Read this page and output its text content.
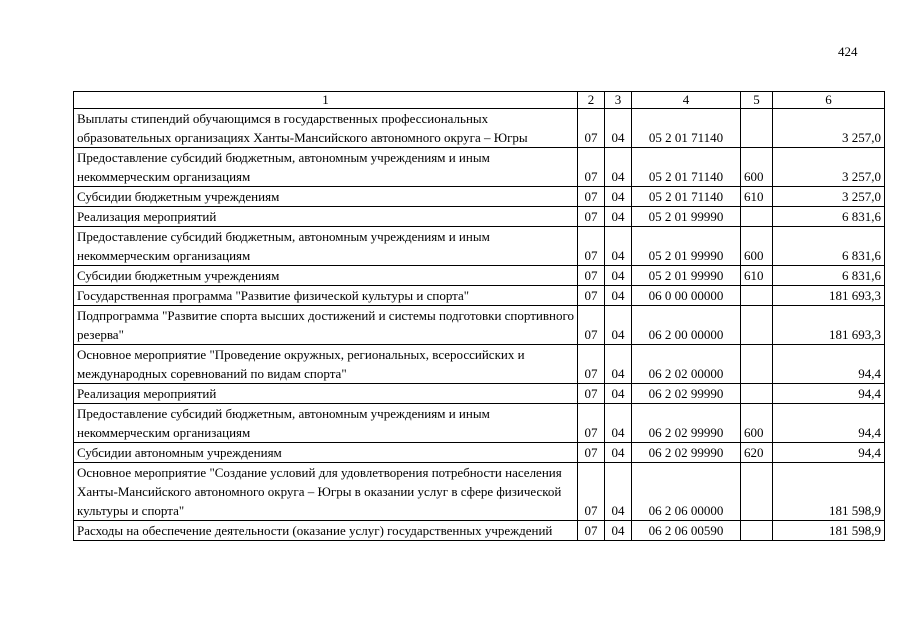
424
1	2	3	4	5	6
Выплаты стипендий обучающимся в государственных профессиональных образовательных организациях Ханты-Мансийского автономного округа – Югры	07	04	05 2 01 71140		3 257,0
Предоставление субсидий бюджетным, автономным учреждениям и иным некоммерческим организациям	07	04	05 2 01 71140	600	3 257,0
Субсидии бюджетным учреждениям	07	04	05 2 01 71140	610	3 257,0
Реализация мероприятий	07	04	05 2 01 99990		6 831,6
Предоставление субсидий бюджетным, автономным учреждениям и иным некоммерческим организациям	07	04	05 2 01 99990	600	6 831,6
Субсидии бюджетным учреждениям	07	04	05 2 01 99990	610	6 831,6
Государственная программа "Развитие физической культуры и спорта"	07	04	06 0 00 00000		181 693,3
Подпрограмма "Развитие спорта высших достижений и системы подготовки спортивного резерва"	07	04	06 2 00 00000		181 693,3
Основное мероприятие "Проведение окружных, региональных, всероссийских и международных соревнований по видам спорта"	07	04	06 2 02 00000		94,4
Реализация мероприятий	07	04	06 2 02 99990		94,4
Предоставление субсидий бюджетным, автономным учреждениям и иным некоммерческим организациям	07	04	06 2 02 99990	600	94,4
Субсидии автономным учреждениям	07	04	06 2 02 99990	620	94,4
Основное мероприятие "Создание условий для удовлетворения потребности населения Ханты-Мансийского автономного округа – Югры в оказании услуг в сфере физической культуры и спорта"	07	04	06 2 06 00000		181 598,9
Расходы на обеспечение деятельности (оказание услуг) государственных учреждений	07	04	06 2 06 00590		181 598,9
